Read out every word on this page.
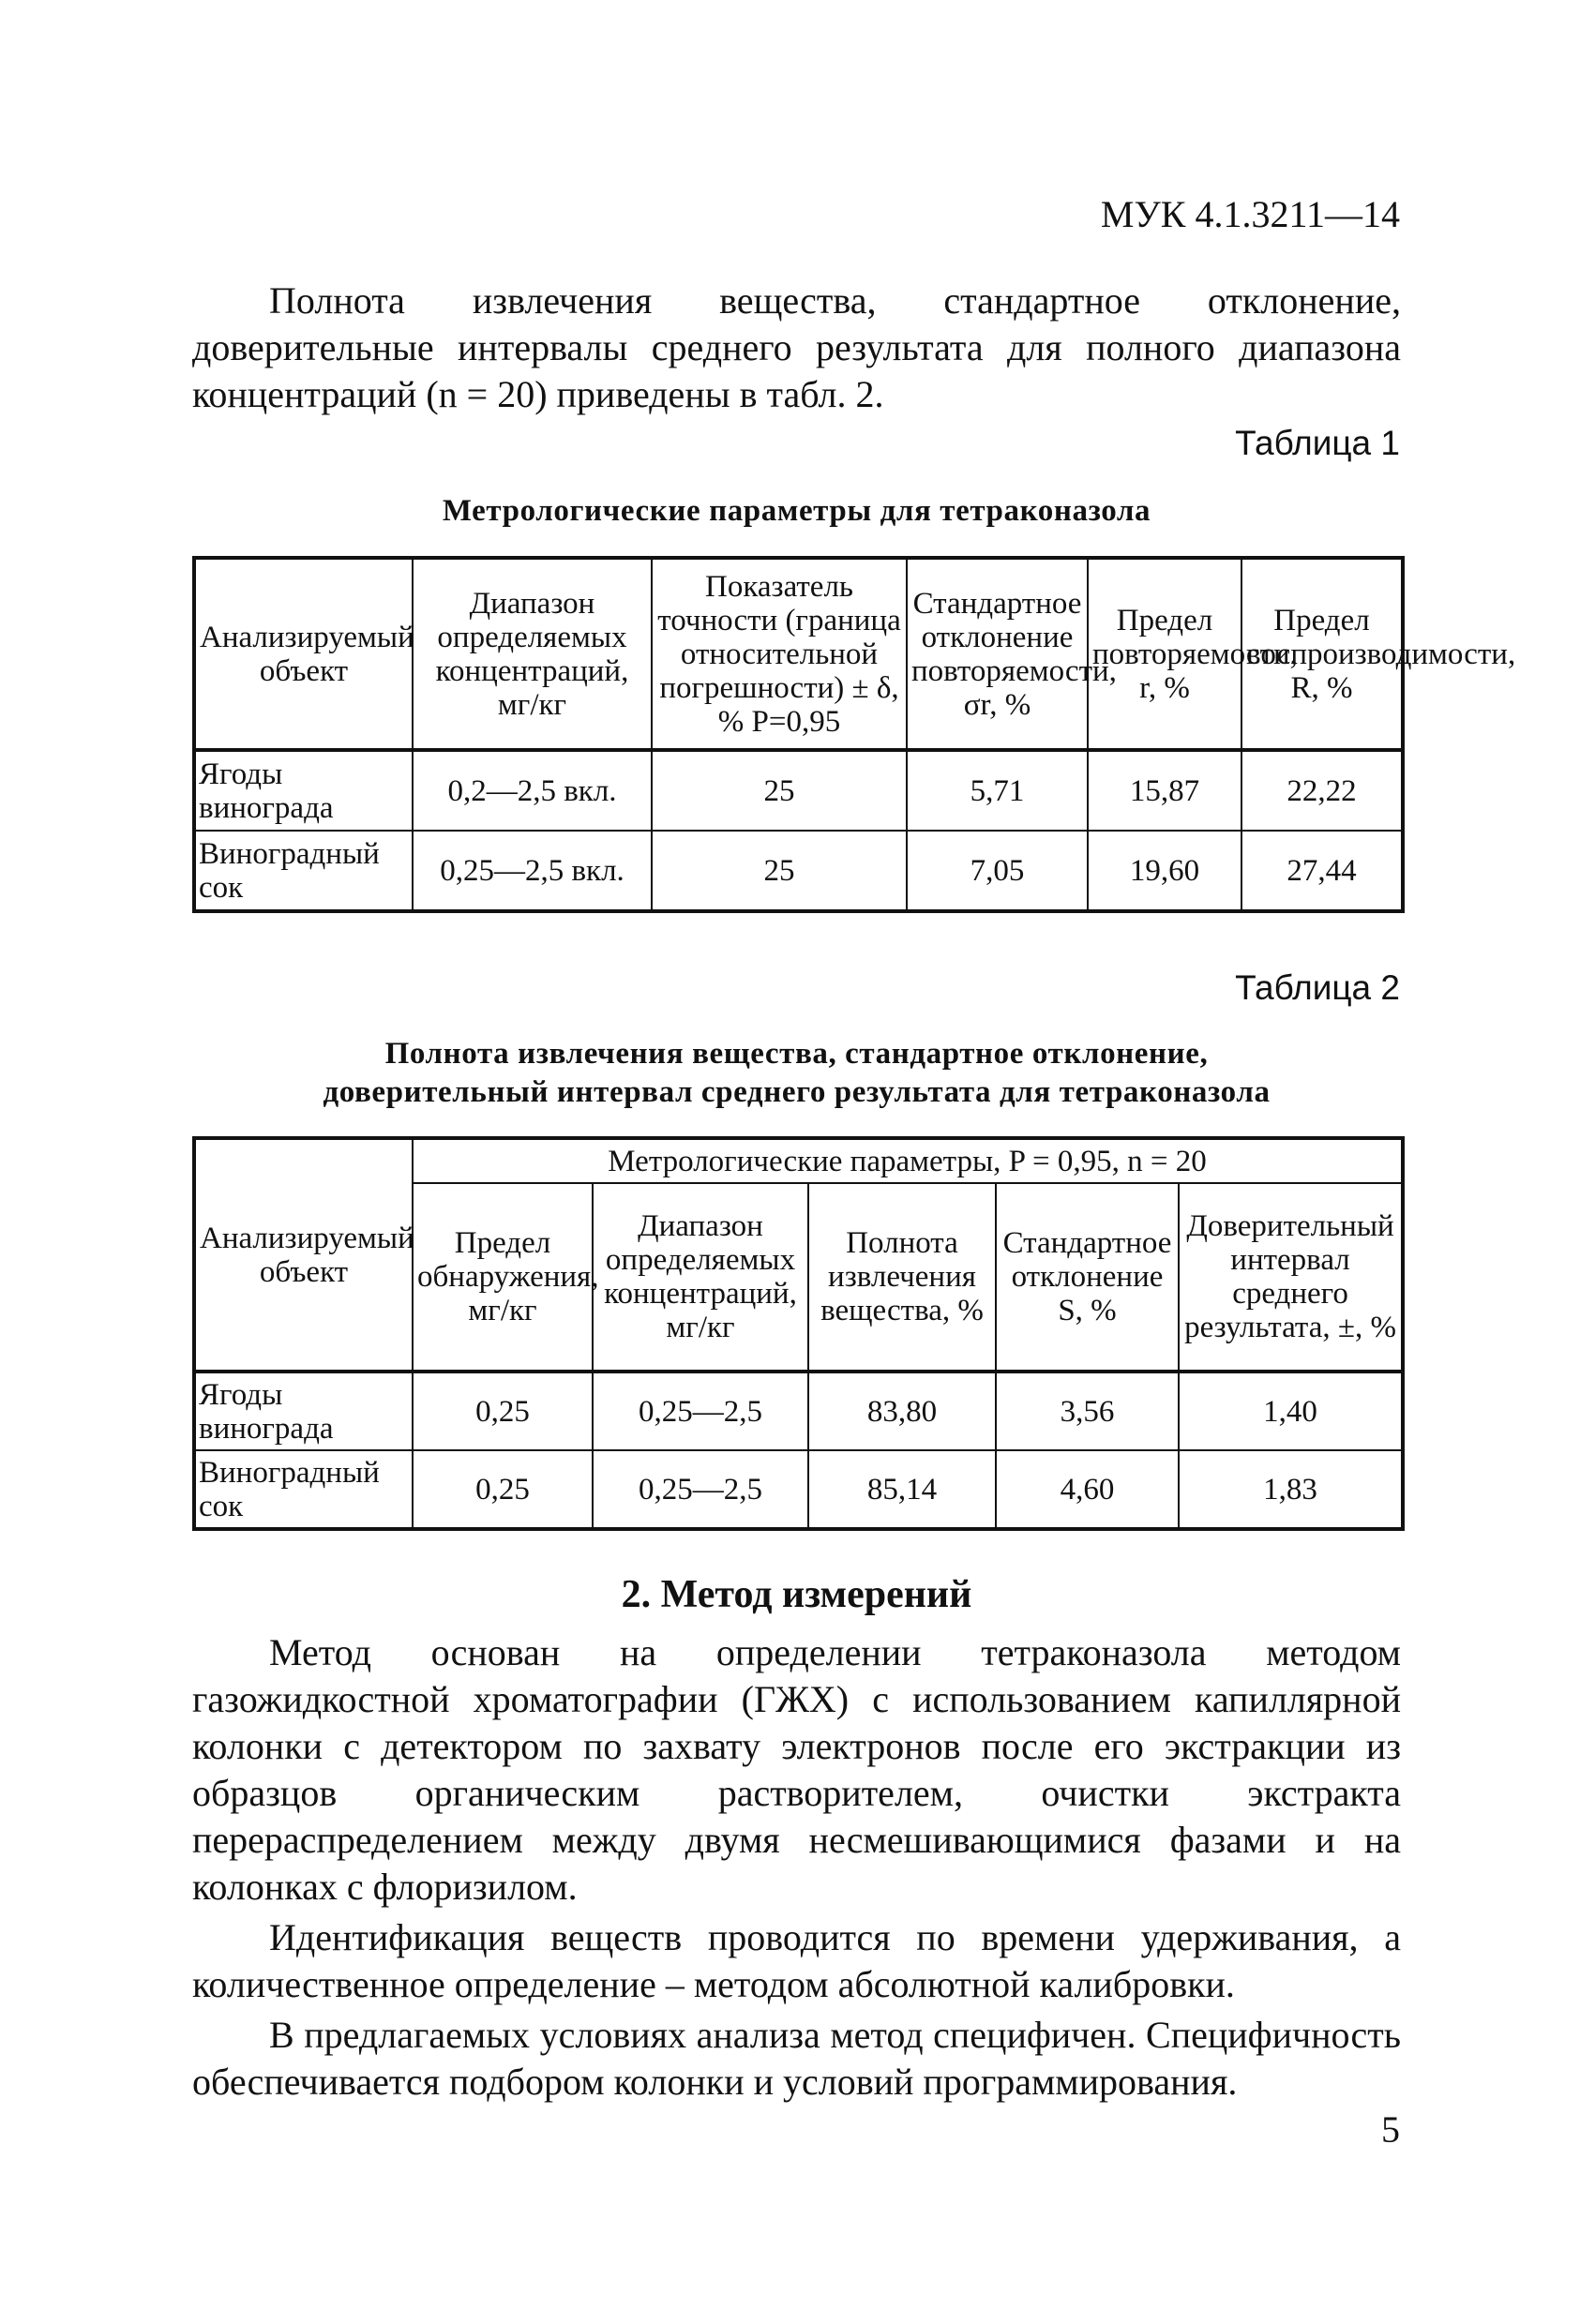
МУК 4.1.3211—14

Полнота извлечения вещества, стандартное отклонение, доверительные интервалы среднего результата для полного диапазона концентраций (n = 20) приведены в табл. 2.

Таблица 1
Метрологические параметры для тетраконазола
Анализируемый объект	Диапазон определяемых концентраций, мг/кг	Показатель точности (граница относительной погрешности) ± δ, % P=0,95	Стандартное отклонение повторяемости, σr, %	Предел повторяемости, r, %	Предел воспроизводимости, R, %
Ягоды винограда	0,2—2,5 вкл.	25	5,71	15,87	22,22
Виноградный сок	0,25—2,5 вкл.	25	7,05	19,60	27,44
Таблица 2
Полнота извлечения вещества, стандартное отклонение,
доверительный интервал среднего результата для тетраконазола
Анализируемый объект	Метрологические параметры, P = 0,95, n = 20				
	Предел обнаружения, мг/кг	Диапазон определяемых концентраций, мг/кг	Полнота извлечения вещества, %	Стандартное отклонение S, %	Доверительный интервал среднего результата, ±, %
Ягоды винограда	0,25	0,25—2,5	83,80	3,56	1,40
Виноградный сок	0,25	0,25—2,5	85,14	4,60	1,83
2. Метод измерений
Метод основан на определении тетраконазола методом газожидкостной хроматографии (ГЖХ) с использованием капиллярной колонки с детектором по захвату электронов после его экстракции из образцов органическим растворителем, очистки экстракта перераспределением между двумя несмешивающимися фазами и на колонках с флоризилом.
Идентификация веществ проводится по времени удерживания, а количественное определение – методом абсолютной калибровки.
В предлагаемых условиях анализа метод специфичен. Специфичность обеспечивается подбором колонки и условий программирования.
5
